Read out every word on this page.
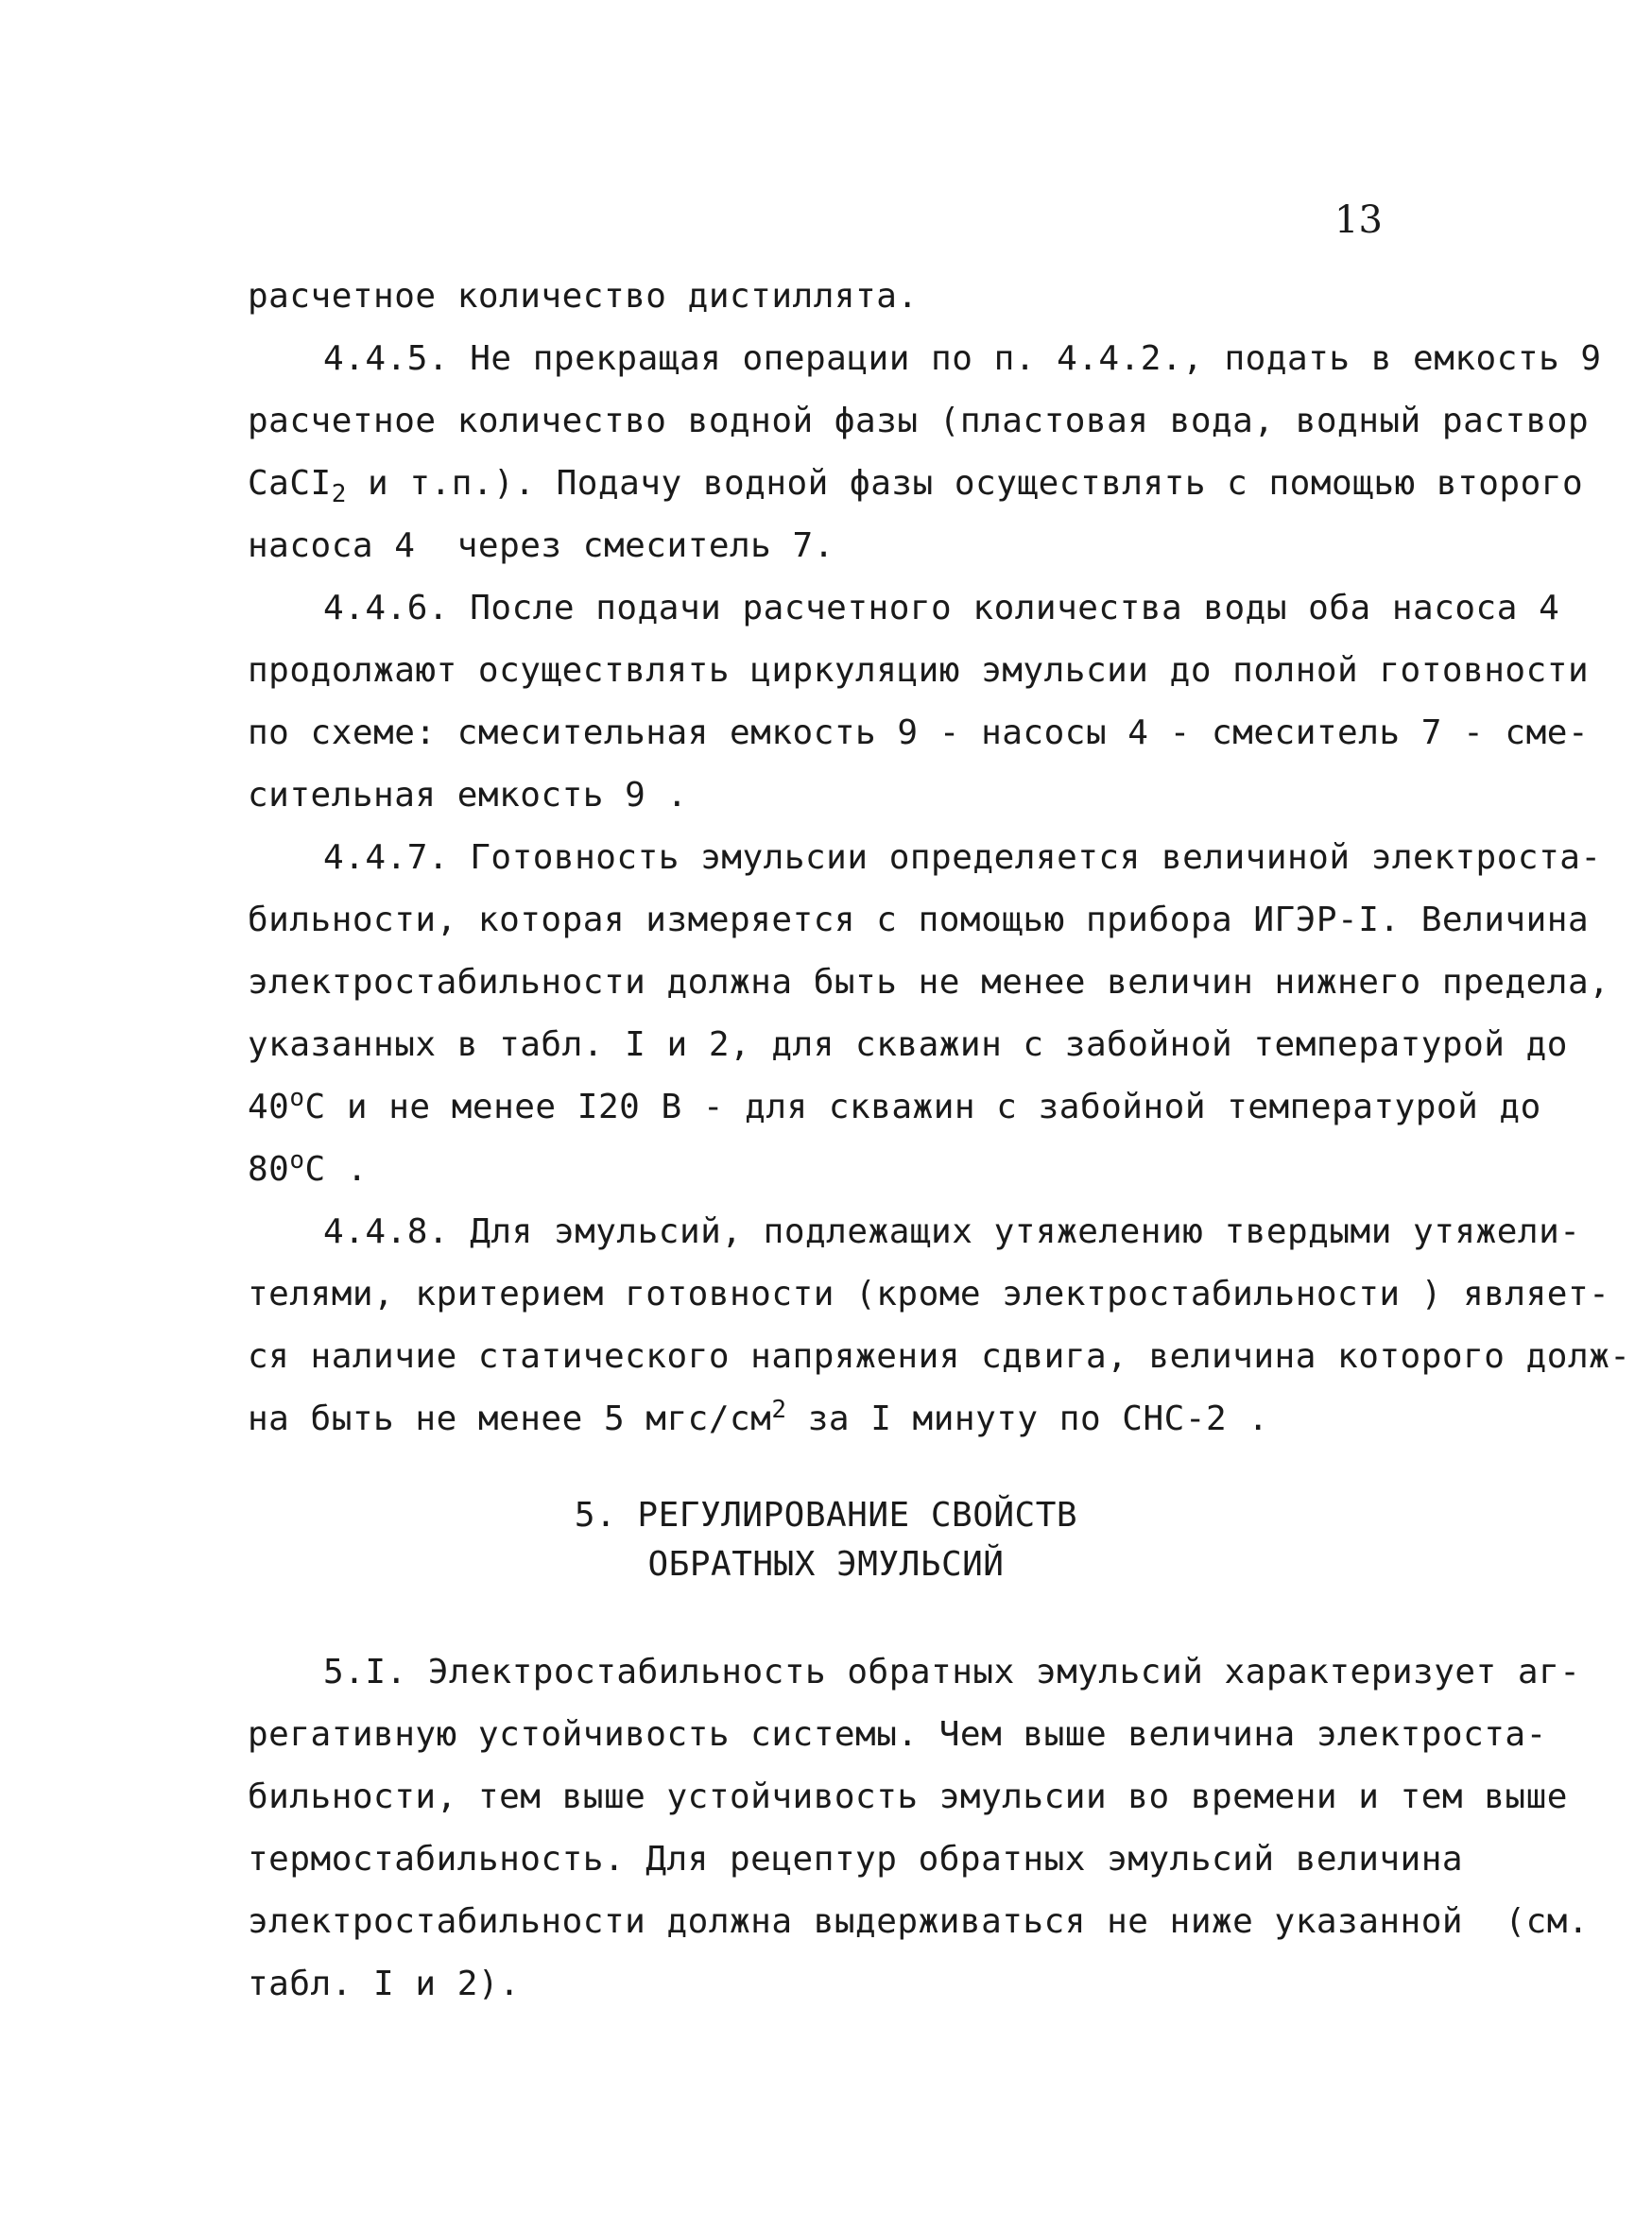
13
расчетное количество дистиллята.
4.4.5. Не прекращая операции по п. 4.4.2., подать в емкость 9
расчетное количество водной фазы (пластовая вода, водный раствор
CaCI$_2$ и т.п.). Подачу водной фазы осуществлять с помощью второго
насоса 4  через смеситель 7.
4.4.6. После подачи расчетного количества воды оба насоса 4
продолжают осуществлять циркуляцию эмульсии до полной готовности
по схеме: смесительная емкость 9 - насосы 4 - смеситель 7 - сме-
сительная емкость 9 .
4.4.7. Готовность эмульсии определяется величиной электроста-
бильности, которая измеряется с помощью прибора ИГЭР-I. Величина
электростабильности должна быть не менее величин нижнего предела,
указанных в табл. I и 2, для скважин с забойной температурой до
$40^оС$ и не менее I20 В - для скважин с забойной температурой до
$80^оС$ .
4.4.8. Для эмульсий, подлежащих утяжелению твердыми утяжели-
телями, критерием готовности (кроме электростабильности ) являет-
ся наличие статического напряжения сдвига, величина которого долж-
на быть не менее 5 мгс/$см^2$ за I минуту по СНС-2 .
5. РЕГУЛИРОВАНИЕ СВОЙСТВ
ОБРАТНЫХ ЭМУЛЬСИЙ
5.I. Электростабильность обратных эмульсий характеризует аг-
регативную устойчивость системы. Чем выше величина электроста-
бильности, тем выше устойчивость эмульсии во времени и тем выше
термостабильность. Для рецептур обратных эмульсий величина
электростабильности должна выдерживаться не ниже указанной  (см.
табл. I и 2).
